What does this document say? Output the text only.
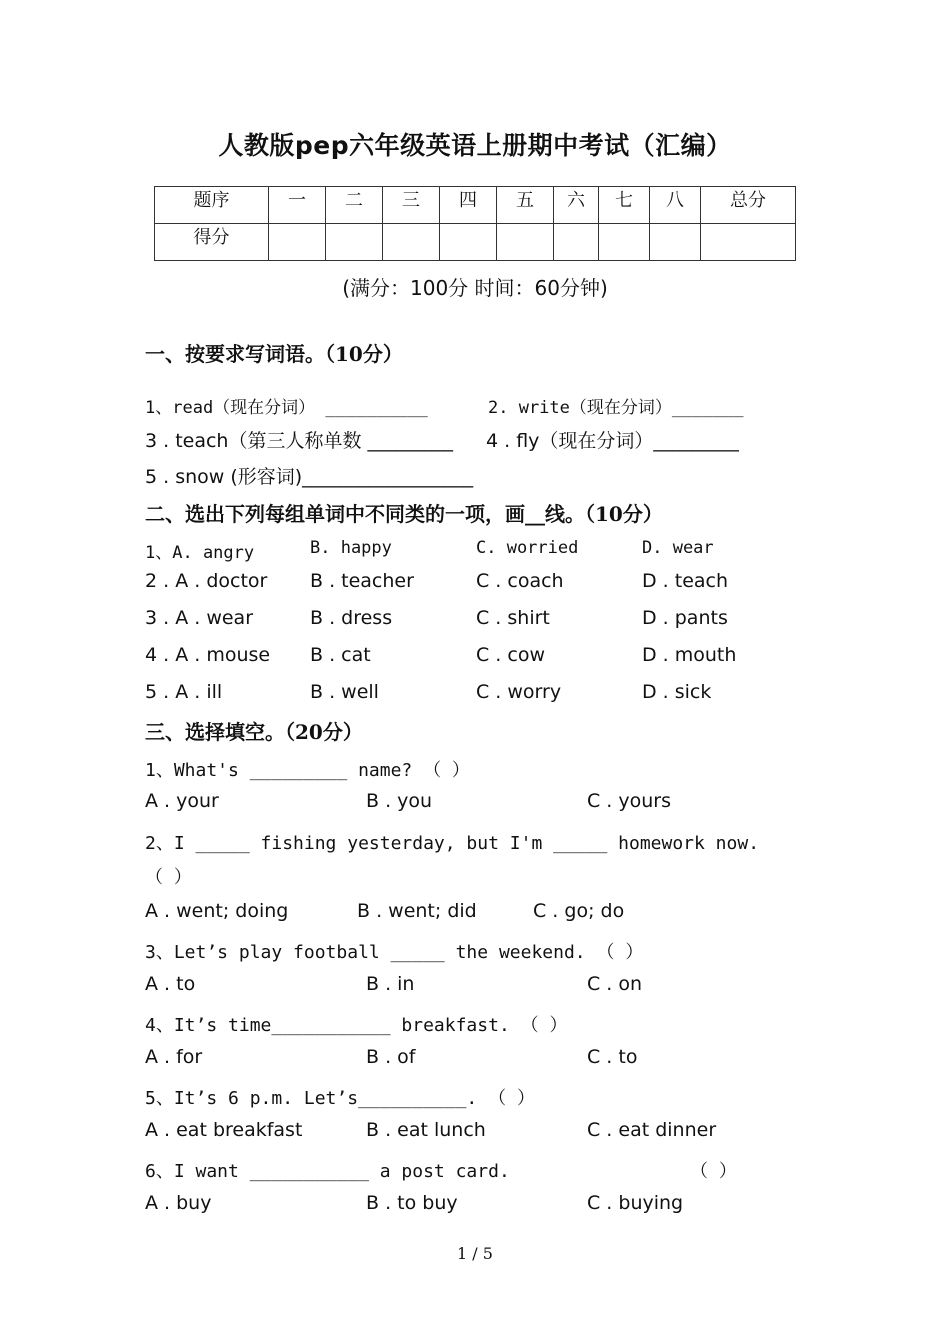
人教版pep六年级英语上册期中考试（汇编）
题序	一	二	三	四	五	六	七	八	总分
得分									
(满分：100分 时间：60分钟)
一、按要求写词语。（10分）
1、read（现在分词） __________	2. write（现在分词）_______
3 . teach（第三人称单数 _________ 4 . fly（现在分词）_________
5 . snow (形容词)__________________
二、选出下列每组单词中不同类的一项，画__线。（10分）
1、A. angry	B. happy	C. worried	D. wear
2 . A . doctor B . teacher	C . coach	D . teach
3 . A . wear	B . dress	C . shirt	D . pants
4 . A . mouse B . cat	C . cow	D . mouth
5 . A . ill	B . well	C . worry	D . sick
三、选择填空。（20分）
1、What's _________ name? （ ）
A . your	B . you	C . yours
2、I _____ fishing yesterday, but I'm _____ homework now.
（ ）
A . went; doing	B . went; did	C . go; do
3、Let’s play football _____ the weekend. （ ）
A . to	B . in	C . on
4、It’s time___________ breakfast. （ ）
A . for	B . of	C . to
5、It’s 6 p.m. Let’s__________. （ ）
A . eat breakfast	B . eat lunch	C . eat dinner
6、I want ___________ a post card.	（ ）
A . buy	B . to buy	C . buying
1 / 5
